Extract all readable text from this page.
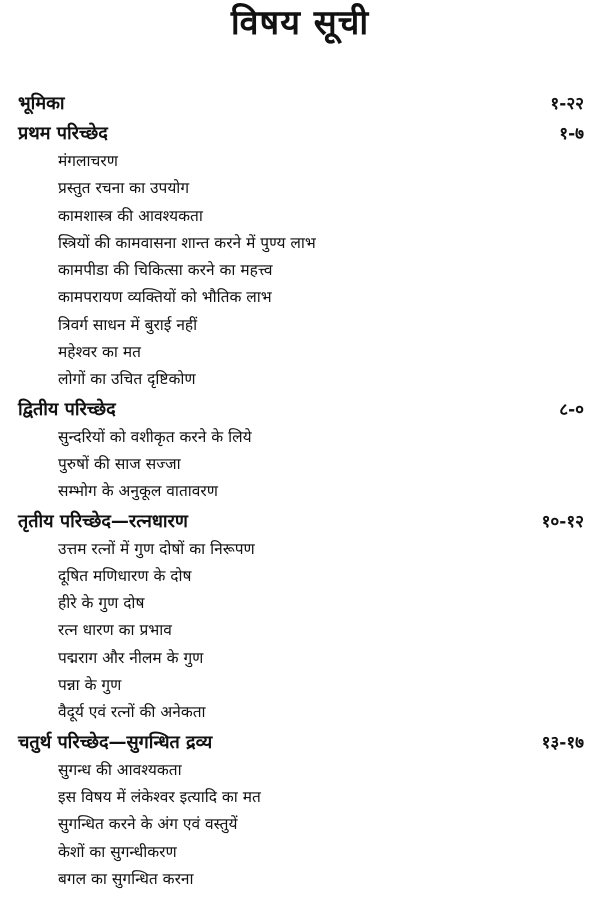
विषय सूची
भूमिका	१-२२
प्रथम परिच्छेद	१-७
मंगलाचरण
प्रस्तुत रचना का उपयोग
कामशास्त्र की आवश्यकता
स्त्रियों की कामवासना शान्त करने में पुण्य लाभ
कामपीडा की चिकित्सा करने का महत्त्व
कामपरायण व्यक्तियों को भौतिक लाभ
त्रिवर्ग साधन में बुराई नहीं
महेश्वर का मत
लोगों का उचित दृष्टिकोण
द्वितीय परिच्छेद	८-०
सुन्दरियों को वशीकृत करने के लिये
पुरुषों की साज सज्जा
सम्भोग के अनुकूल वातावरण
तृतीय परिच्छेद—रत्नधारण	१०-१२
उत्तम रत्नों में गुण दोषों का निरूपण
दूषित मणिधारण के दोष
हीरे के गुण दोष
रत्न धारण का प्रभाव
पद्मराग और नीलम के गुण
पन्ना के गुण
वैदूर्य एवं रत्नों की अनेकता
चतुर्थ परिच्छेद—सुगन्धित द्रव्य	१३-१७
सुगन्ध की आवश्यकता
इस विषय में लंकेश्वर इत्यादि का मत
सुगन्धित करने के अंग एवं वस्तुयें
केशों का सुगन्धीकरण
बगल का सुगन्धित करना
